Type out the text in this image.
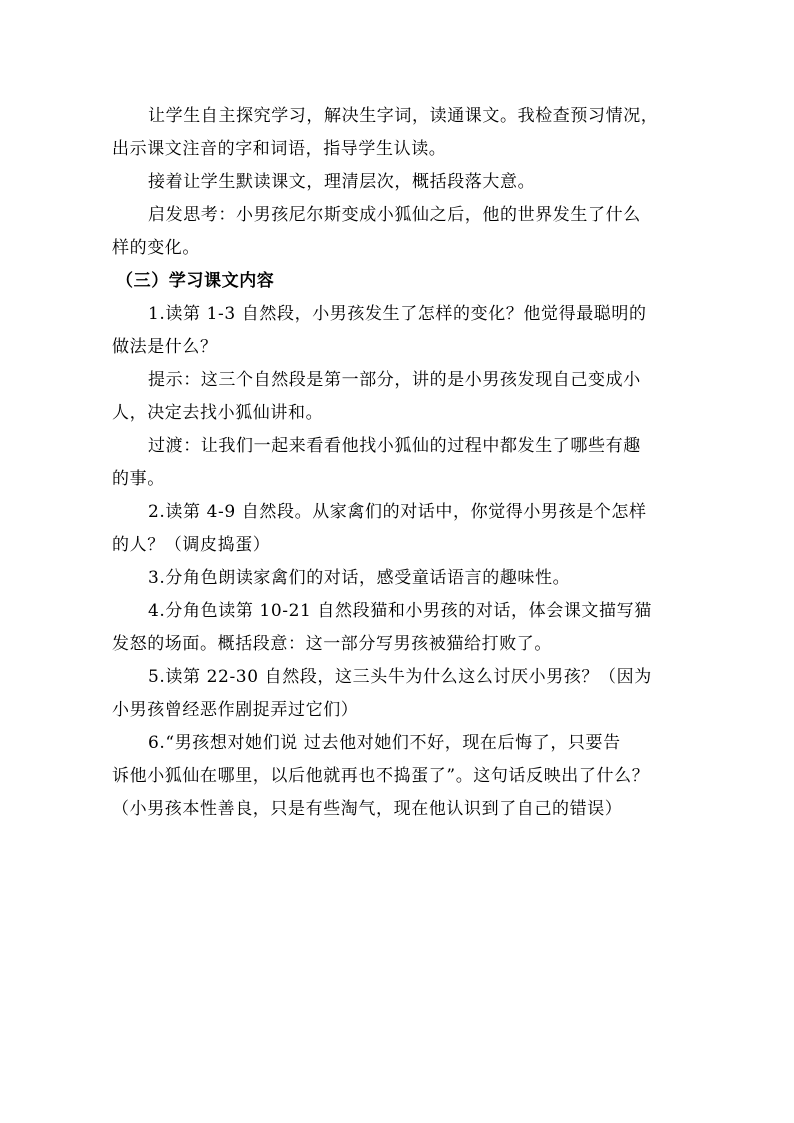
让学生自主探究学习，解决生字词，读通课文。我检查预习情况，
出示课文注音的字和词语，指导学生认读。
接着让学生默读课文，理清层次，概括段落大意。
启发思考：小男孩尼尔斯变成小狐仙之后，他的世界发生了什么
样的变化。
（三）学习课文内容
1.读第 1-3 自然段，小男孩发生了怎样的变化？他觉得最聪明的
做法是什么？
提示：这三个自然段是第一部分，讲的是小男孩发现自己变成小
人，决定去找小狐仙讲和。
过渡：让我们一起来看看他找小狐仙的过程中都发生了哪些有趣
的事。
2.读第 4-9 自然段。从家禽们的对话中，你觉得小男孩是个怎样
的人？（调皮捣蛋）
3.分角色朗读家禽们的对话，感受童话语言的趣味性。
4.分角色读第 10-21 自然段猫和小男孩的对话，体会课文描写猫
发怒的场面。概括段意：这一部分写男孩被猫给打败了。
5.读第 22-30 自然段，这三头牛为什么这么讨厌小男孩？（因为
小男孩曾经恶作剧捉弄过它们）
6.“男孩想对她们说 过去他对她们不好，现在后悔了，只要告
诉他小狐仙在哪里，以后他就再也不捣蛋了”。这句话反映出了什么？
（小男孩本性善良，只是有些淘气，现在他认识到了自己的错误）
